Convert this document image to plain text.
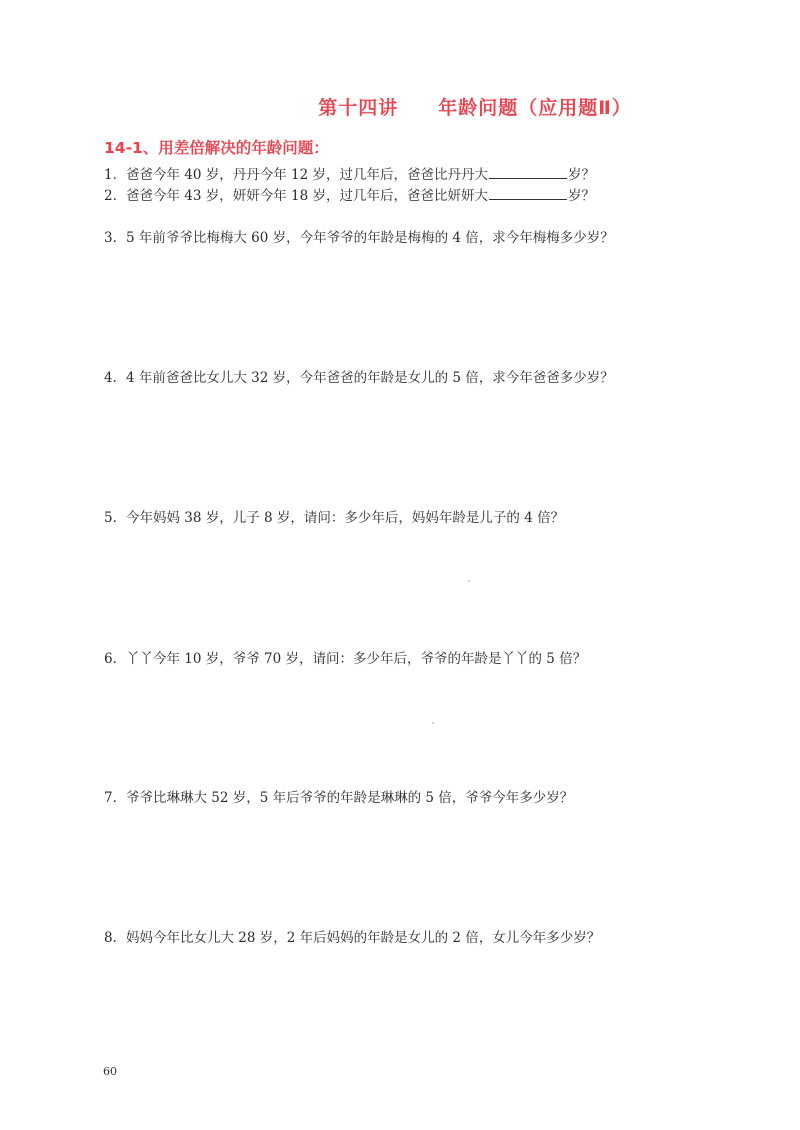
第十四讲 年龄问题（应用题Ⅱ）
14-1、用差倍解决的年龄问题：
1．爸爸今年 40 岁，丹丹今年 12 岁，过几年后，爸爸比丹丹大	岁？
2．爸爸今年 43 岁，妍妍今年 18 岁，过几年后，爸爸比妍妍大	岁？
3．5 年前爷爷比梅梅大 60 岁，今年爷爷的年龄是梅梅的 4 倍，求今年梅梅多少岁？
4．4 年前爸爸比女儿大 32 岁，今年爸爸的年龄是女儿的 5 倍，求今年爸爸多少岁？
5．今年妈妈 38 岁，儿子 8 岁，请问：多少年后，妈妈年龄是儿子的 4 倍？
6．丫丫今年 10 岁，爷爷 70 岁，请问：多少年后，爷爷的年龄是丫丫的 5 倍？
7．爷爷比琳琳大 52 岁，5 年后爷爷的年龄是琳琳的 5 倍，爷爷今年多少岁？
8．妈妈今年比女儿大 28 岁，2 年后妈妈的年龄是女儿的 2 倍，女儿今年多少岁？
60
